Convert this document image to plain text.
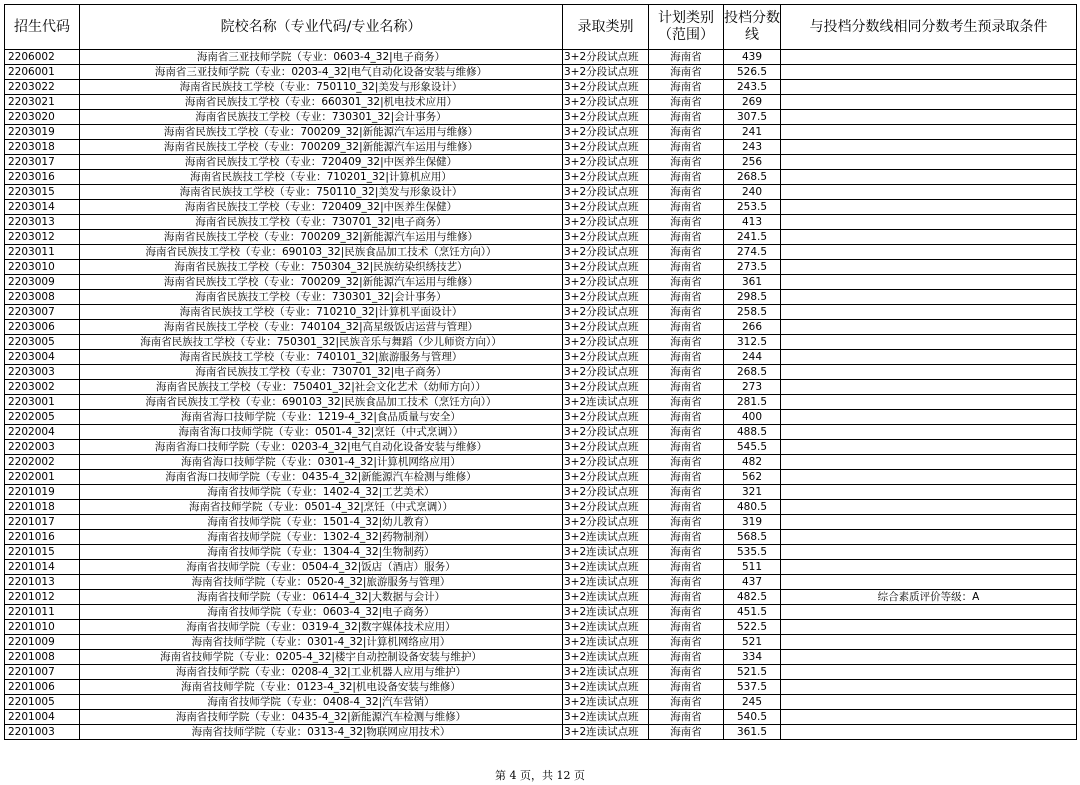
招生代码	院校名称（专业代码/专业名称）	录取类别	计划类别（范围）	投档分数线	与投档分数线相同分数考生预录取条件
2206002	海南省三亚技师学院（专业：0603-4_32|电子商务）	3+2分段试点班	海南省	439	
2206001	海南省三亚技师学院（专业：0203-4_32|电气自动化设备安装与维修）	3+2分段试点班	海南省	526.5	
2203022	海南省民族技工学校（专业：750110_32|美发与形象设计）	3+2分段试点班	海南省	243.5	
2203021	海南省民族技工学校（专业：660301_32|机电技术应用）	3+2分段试点班	海南省	269	
2203020	海南省民族技工学校（专业：730301_32|会计事务）	3+2分段试点班	海南省	307.5	
2203019	海南省民族技工学校（专业：700209_32|新能源汽车运用与维修）	3+2分段试点班	海南省	241	
2203018	海南省民族技工学校（专业：700209_32|新能源汽车运用与维修）	3+2分段试点班	海南省	243	
2203017	海南省民族技工学校（专业：720409_32|中医养生保健）	3+2分段试点班	海南省	256	
2203016	海南省民族技工学校（专业：710201_32|计算机应用）	3+2分段试点班	海南省	268.5	
2203015	海南省民族技工学校（专业：750110_32|美发与形象设计）	3+2分段试点班	海南省	240	
2203014	海南省民族技工学校（专业：720409_32|中医养生保健）	3+2分段试点班	海南省	253.5	
2203013	海南省民族技工学校（专业：730701_32|电子商务）	3+2分段试点班	海南省	413	
2203012	海南省民族技工学校（专业：700209_32|新能源汽车运用与维修）	3+2分段试点班	海南省	241.5	
2203011	海南省民族技工学校（专业：690103_32|民族食品加工技术（烹饪方向））	3+2分段试点班	海南省	274.5	
2203010	海南省民族技工学校（专业：750304_32|民族纺染织绣技艺）	3+2分段试点班	海南省	273.5	
2203009	海南省民族技工学校（专业：700209_32|新能源汽车运用与维修）	3+2分段试点班	海南省	361	
2203008	海南省民族技工学校（专业：730301_32|会计事务）	3+2分段试点班	海南省	298.5	
2203007	海南省民族技工学校（专业：710210_32|计算机平面设计）	3+2分段试点班	海南省	258.5	
2203006	海南省民族技工学校（专业：740104_32|高星级饭店运营与管理）	3+2分段试点班	海南省	266	
2203005	海南省民族技工学校（专业：750301_32|民族音乐与舞蹈（少儿师资方向））	3+2分段试点班	海南省	312.5	
2203004	海南省民族技工学校（专业：740101_32|旅游服务与管理）	3+2分段试点班	海南省	244	
2203003	海南省民族技工学校（专业：730701_32|电子商务）	3+2分段试点班	海南省	268.5	
2203002	海南省民族技工学校（专业：750401_32|社会文化艺术（幼师方向））	3+2分段试点班	海南省	273	
2203001	海南省民族技工学校（专业：690103_32|民族食品加工技术（烹饪方向））	3+2连读试点班	海南省	281.5	
2202005	海南省海口技师学院（专业：1219-4_32|食品质量与安全）	3+2分段试点班	海南省	400	
2202004	海南省海口技师学院（专业：0501-4_32|烹饪（中式烹调））	3+2分段试点班	海南省	488.5	
2202003	海南省海口技师学院（专业：0203-4_32|电气自动化设备安装与维修）	3+2分段试点班	海南省	545.5	
2202002	海南省海口技师学院（专业：0301-4_32|计算机网络应用）	3+2分段试点班	海南省	482	
2202001	海南省海口技师学院（专业：0435-4_32|新能源汽车检测与维修）	3+2分段试点班	海南省	562	
2201019	海南省技师学院（专业：1402-4_32|工艺美术）	3+2分段试点班	海南省	321	
2201018	海南省技师学院（专业：0501-4_32|烹饪（中式烹调））	3+2分段试点班	海南省	480.5	
2201017	海南省技师学院（专业：1501-4_32|幼儿教育）	3+2分段试点班	海南省	319	
2201016	海南省技师学院（专业：1302-4_32|药物制剂）	3+2连读试点班	海南省	568.5	
2201015	海南省技师学院（专业：1304-4_32|生物制药）	3+2连读试点班	海南省	535.5	
2201014	海南省技师学院（专业：0504-4_32|饭店（酒店）服务）	3+2连读试点班	海南省	511	
2201013	海南省技师学院（专业：0520-4_32|旅游服务与管理）	3+2连读试点班	海南省	437	
2201012	海南省技师学院（专业：0614-4_32|大数据与会计）	3+2连读试点班	海南省	482.5	综合素质评价等级：A
2201011	海南省技师学院（专业：0603-4_32|电子商务）	3+2连读试点班	海南省	451.5	
2201010	海南省技师学院（专业：0319-4_32|数字媒体技术应用）	3+2连读试点班	海南省	522.5	
2201009	海南省技师学院（专业：0301-4_32|计算机网络应用）	3+2连读试点班	海南省	521	
2201008	海南省技师学院（专业：0205-4_32|楼宇自动控制设备安装与维护）	3+2连读试点班	海南省	334	
2201007	海南省技师学院（专业：0208-4_32|工业机器人应用与维护）	3+2连读试点班	海南省	521.5	
2201006	海南省技师学院（专业：0123-4_32|机电设备安装与维修）	3+2连读试点班	海南省	537.5	
2201005	海南省技师学院（专业：0408-4_32|汽车营销）	3+2连读试点班	海南省	245	
2201004	海南省技师学院（专业：0435-4_32|新能源汽车检测与维修）	3+2连读试点班	海南省	540.5	
2201003	海南省技师学院（专业：0313-4_32|物联网应用技术）	3+2连读试点班	海南省	361.5	
第 4 页，共 12 页
